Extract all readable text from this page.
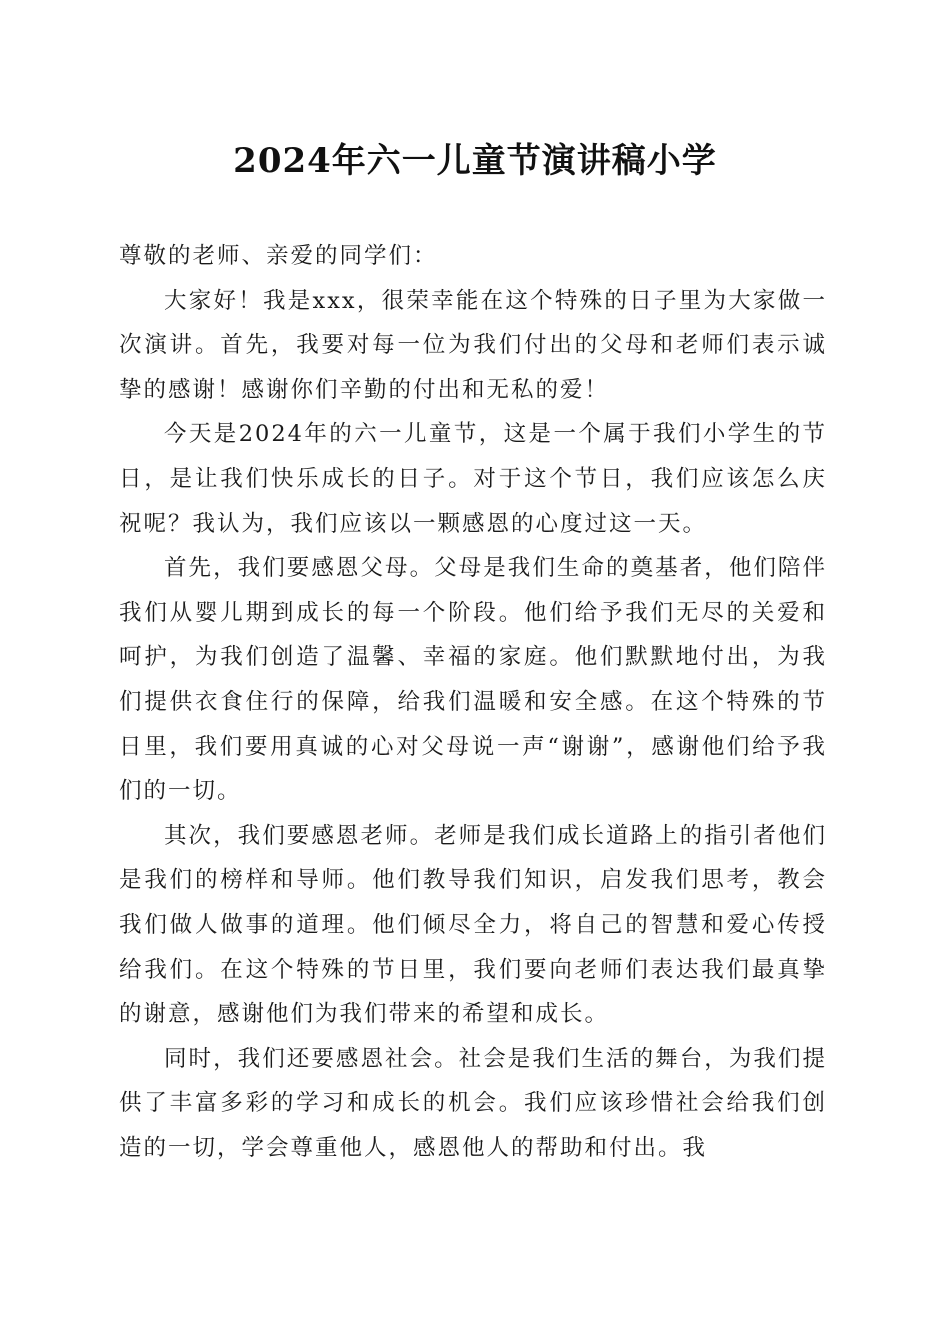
2024年六一儿童节演讲稿小学

尊敬的老师、亲爱的同学们：

大家好！我是xxx，很荣幸能在这个特殊的日子里为大家做一次演讲。首先，我要对每一位为我们付出的父母和老师们表示诚挚的感谢！感谢你们辛勤的付出和无私的爱！

今天是2024年的六一儿童节，这是一个属于我们小学生的节日，是让我们快乐成长的日子。对于这个节日，我们应该怎么庆祝呢？我认为，我们应该以一颗感恩的心度过这一天。

首先，我们要感恩父母。父母是我们生命的奠基者，他们陪伴我们从婴儿期到成长的每一个阶段。他们给予我们无尽的关爱和呵护，为我们创造了温馨、幸福的家庭。他们默默地付出，为我们提供衣食住行的保障，给我们温暖和安全感。在这个特殊的节日里，我们要用真诚的心对父母说一声“谢谢”，感谢他们给予我们的一切。

其次，我们要感恩老师。老师是我们成长道路上的指引者他们是我们的榜样和导师。他们教导我们知识，启发我们思考，教会我们做人做事的道理。他们倾尽全力，将自己的智慧和爱心传授给我们。在这个特殊的节日里，我们要向老师们表达我们最真挚的谢意，感谢他们为我们带来的希望和成长。

同时，我们还要感恩社会。社会是我们生活的舞台，为我们提供了丰富多彩的学习和成长的机会。我们应该珍惜社会给我们创造的一切，学会尊重他人，感恩他人的帮助和付出。我
